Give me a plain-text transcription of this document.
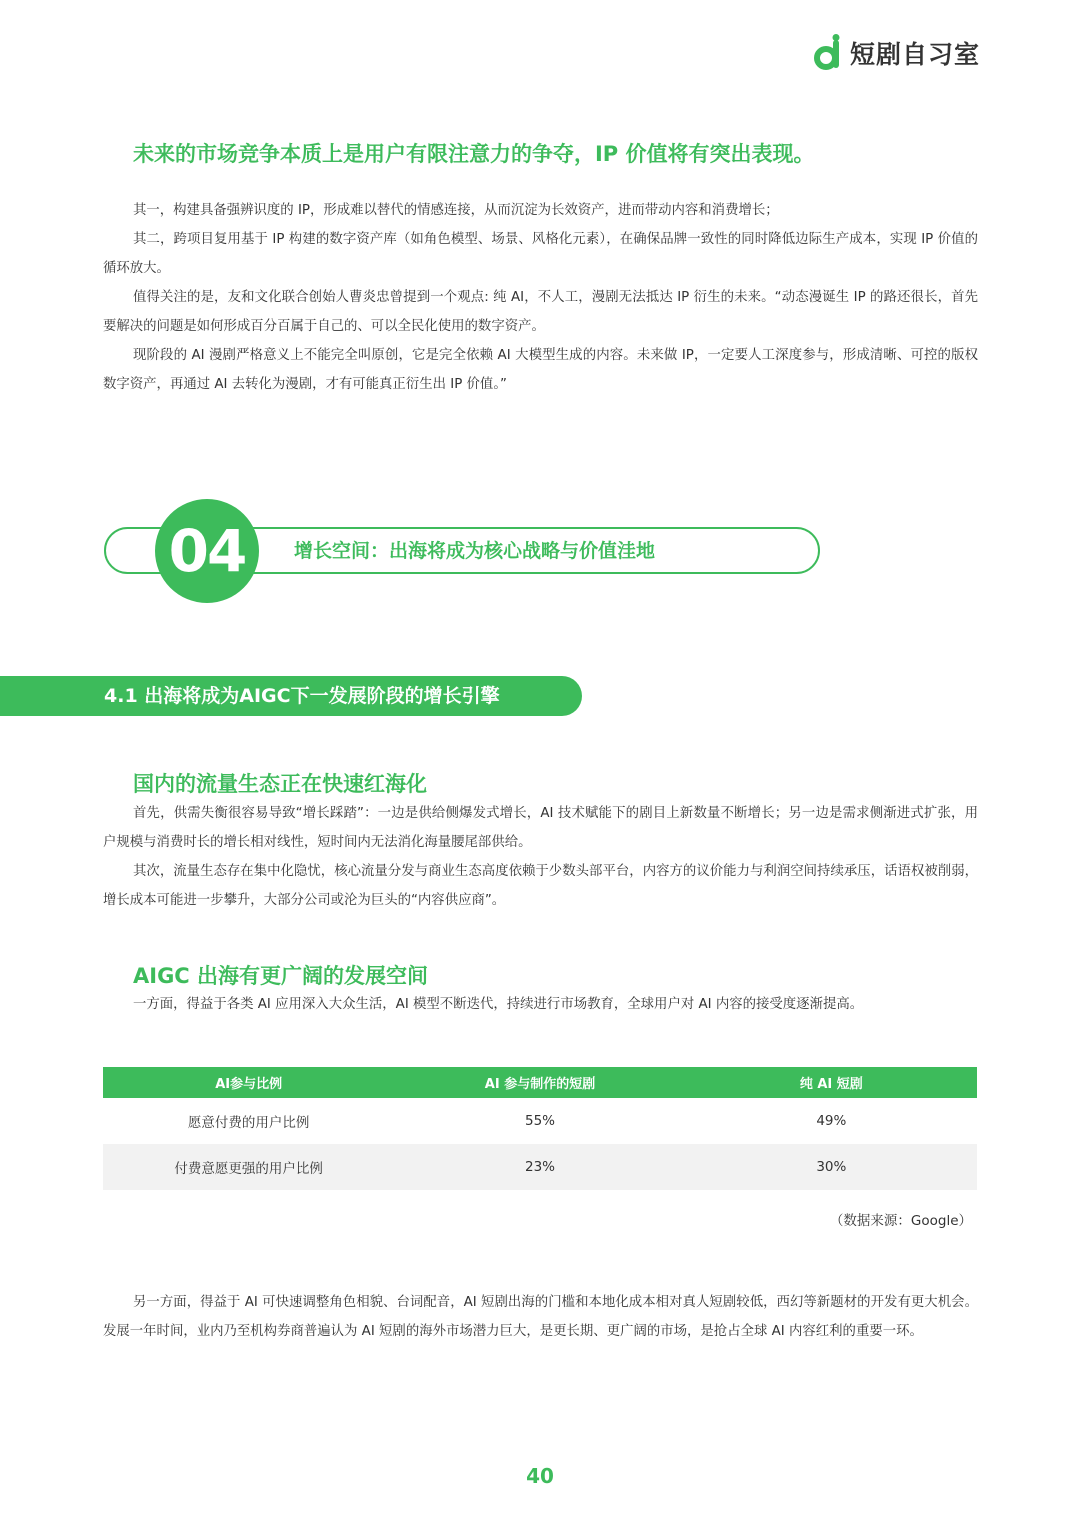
短剧自习室
未来的市场竞争本质上是用户有限注意力的争夺，IP 价值将有突出表现。

其一，构建具备强辨识度的 IP，形成难以替代的情感连接，从而沉淀为长效资产，进而带动内容和消费增长；

其二，跨项目复用基于 IP 构建的数字资产库（如角色模型、场景、风格化元素），在确保品牌一致性的同时降低边际生产成本，实现 IP 价值的循环放大。

值得关注的是，友和文化联合创始人曹炎忠曾提到一个观点: 纯 AI，不人工，漫剧无法抵达 IP 衍生的未来。“动态漫诞生 IP 的路还很长，首先要解决的问题是如何形成百分百属于自己的、可以全民化使用的数字资产。

现阶段的 AI 漫剧严格意义上不能完全叫原创，它是完全依赖 AI 大模型生成的内容。未来做 IP，一定要人工深度参与，形成清晰、可控的版权数字资产，再通过 AI 去转化为漫剧，才有可能真正衍生出 IP 价值。”

04	增长空间：出海将成为核心战略与价值洼地
4.1 出海将成为AIGC下一发展阶段的增长引擎
国内的流量生态正在快速红海化

首先，供需失衡很容易导致“增长踩踏”：一边是供给侧爆发式增长，AI 技术赋能下的剧目上新数量不断增长；另一边是需求侧渐进式扩张，用户规模与消费时长的增长相对线性，短时间内无法消化海量腰尾部供给。

其次，流量生态存在集中化隐忧，核心流量分发与商业生态高度依赖于少数头部平台，内容方的议价能力与利润空间持续承压，话语权被削弱，增长成本可能进一步攀升，大部分公司或沦为巨头的“内容供应商”。

AIGC 出海有更广阔的发展空间

一方面，得益于各类 AI 应用深入大众生活，AI 模型不断迭代，持续进行市场教育，全球用户对 AI 内容的接受度逐渐提高。

AI参与比例	AI 参与制作的短剧	纯 AI 短剧
愿意付费的用户比例	55%	49%
付费意愿更强的用户比例	23%	30%
（数据来源：Google）

另一方面，得益于 AI 可快速调整角色相貌、台词配音，AI 短剧出海的门槛和本地化成本相对真人短剧较低，西幻等新题材的开发有更大机会。发展一年时间，业内乃至机构券商普遍认为 AI 短剧的海外市场潜力巨大，是更长期、更广阔的市场，是抢占全球 AI 内容红利的重要一环。

40
